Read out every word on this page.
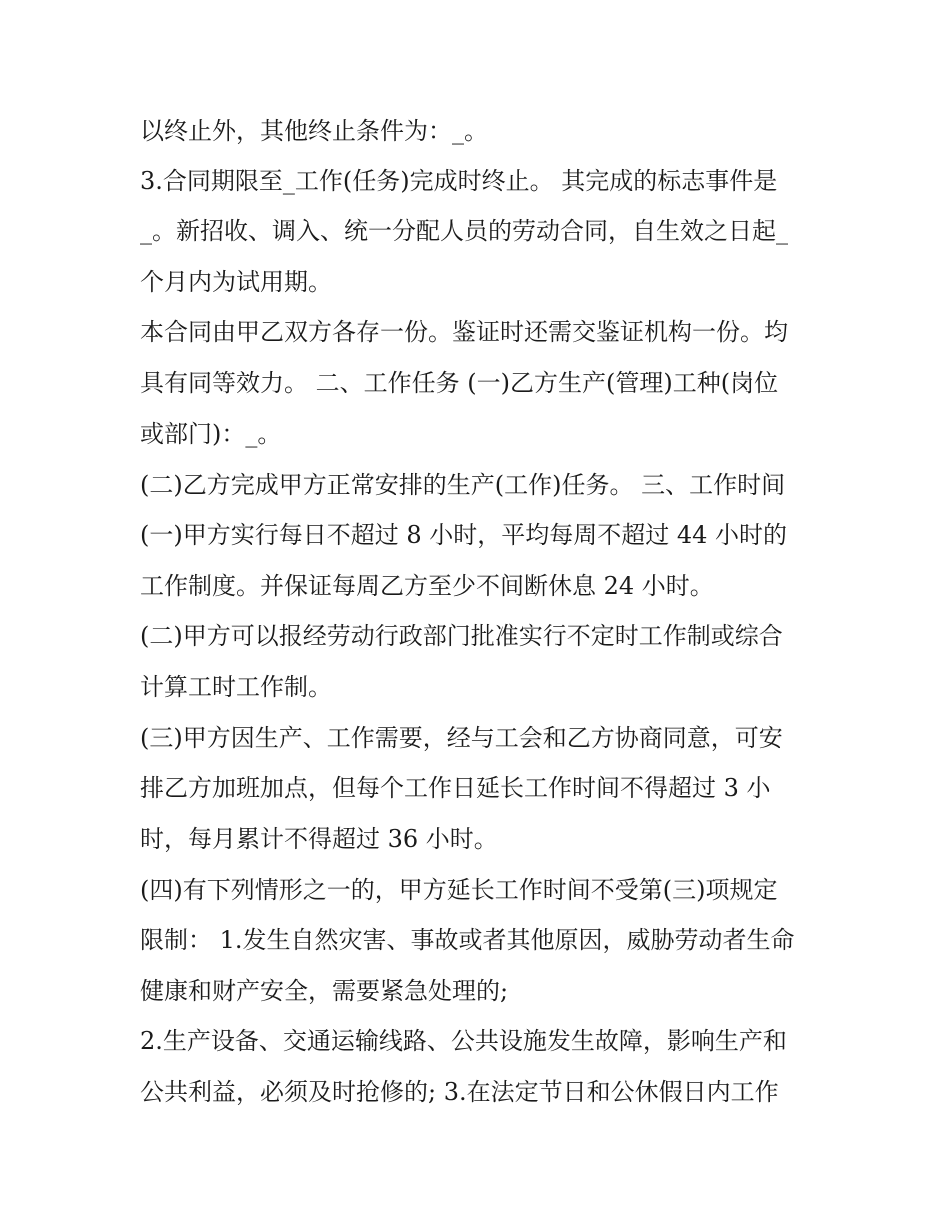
以终止外，其他终止条件为：_。
3.合同期限至_工作(任务)完成时终止。 其完成的标志事件是
_。新招收、调入、统一分配人员的劳动合同，自生效之日起_
个月内为试用期。
本合同由甲乙双方各存一份。鉴证时还需交鉴证机构一份。均
具有同等效力。 二、工作任务 (一)乙方生产(管理)工种(岗位
或部门)：_。
(二)乙方完成甲方正常安排的生产(工作)任务。 三、工作时间
(一)甲方实行每日不超过 8 小时，平均每周不超过 44 小时的
工作制度。并保证每周乙方至少不间断休息 24 小时。
(二)甲方可以报经劳动行政部门批准实行不定时工作制或综合
计算工时工作制。
(三)甲方因生产、工作需要，经与工会和乙方协商同意，可安
排乙方加班加点，但每个工作日延长工作时间不得超过 3 小
时，每月累计不得超过 36 小时。
(四)有下列情形之一的，甲方延长工作时间不受第(三)项规定
限制： 1.发生自然灾害、事故或者其他原因，威胁劳动者生命
健康和财产安全，需要紧急处理的;
2.生产设备、交通运输线路、公共设施发生故障，影响生产和
公共利益，必须及时抢修的; 3.在法定节日和公休假日内工作
